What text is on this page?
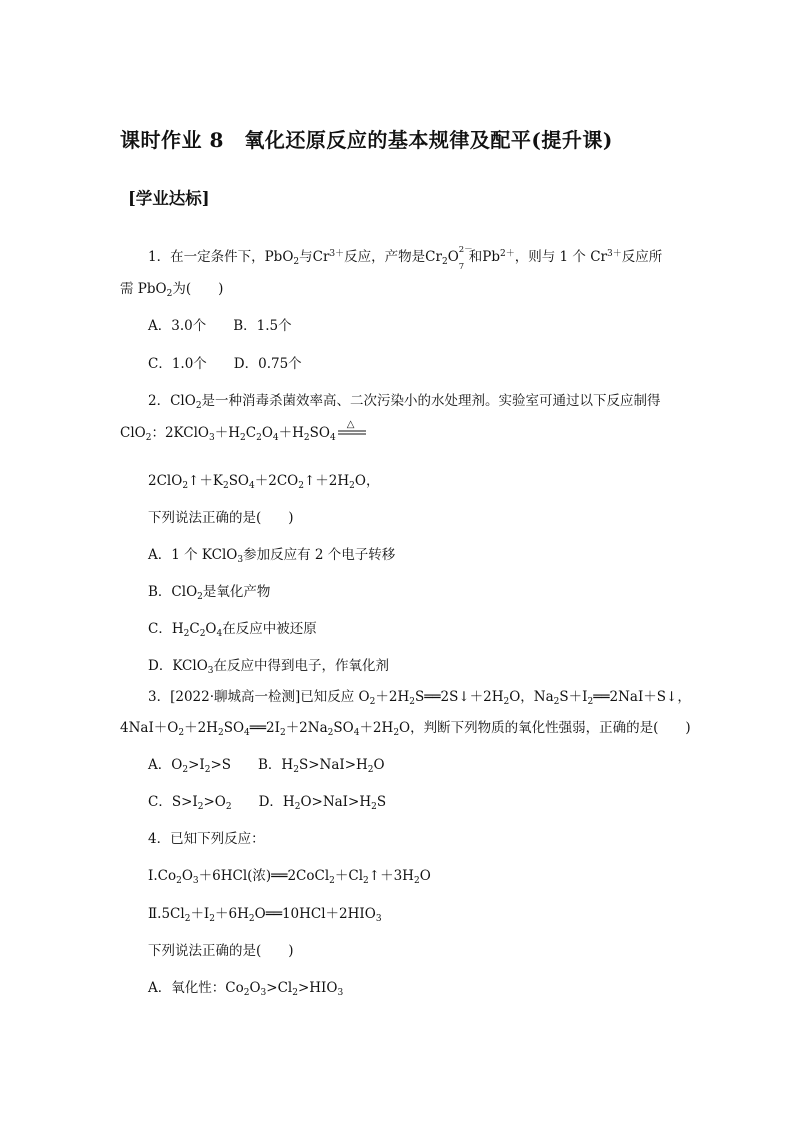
课时作业 8　氧化还原反应的基本规律及配平(提升课)
[学业达标]
1．在一定条件下，PbO$_2$与$Cr^{3+}$反应，产物是$Cr_2O$ 2－
7
和$Pb^{2+}$，则与 1 个 $Cr^{3+}$反应所
需 PbO$_2$为(　　)
A．3.0个　　B．1.5个
C．1.0个　　D．0.75个
2．ClO$_2$是一种消毒杀菌效率高、二次污染小的水处理剂。实验室可通过以下反应制得
ClO$_2$：$2KClO_3+H_2C_2O_4+H_2SO_4$
△
$2ClO_2↑+K_2SO_4+2CO_2↑+2H_2O$，
下列说法正确的是(　　)
A．1 个 KClO$_3$参加反应有 2 个电子转移
B．ClO$_2$是氧化产物
C．$H_2C_2O_4$在反应中被还原
D．KClO$_3$在反应中得到电子，作氧化剂
3．[2022·聊城高一检测]已知反应 $O_2+2H_2S══2S↓+2H_2O$，$Na_2S+I_2══2NaI+S↓$，
$4NaI+O_2+2H_2SO_4══2I_2+2Na_2SO_4+2H_2O$，判断下列物质的氧化性强弱，正确的是(　　)
A．$O_2>I_2>S$　　B．$H_2S>NaI>H_2O$
C．$S>I_2>O_2$　　D．$H_2O>NaI>H_2S$
4．已知下列反应：
$Ⅰ.Co_2O_3+6HCl$(浓)$══2CoCl_2+Cl_2↑+3H_2O$
$Ⅱ.5Cl_2+I_2+6H_2O══10HCl+2HIO_3$
下列说法正确的是(　　)
A．氧化性：$Co_2O_3>Cl_2>HIO_3$
